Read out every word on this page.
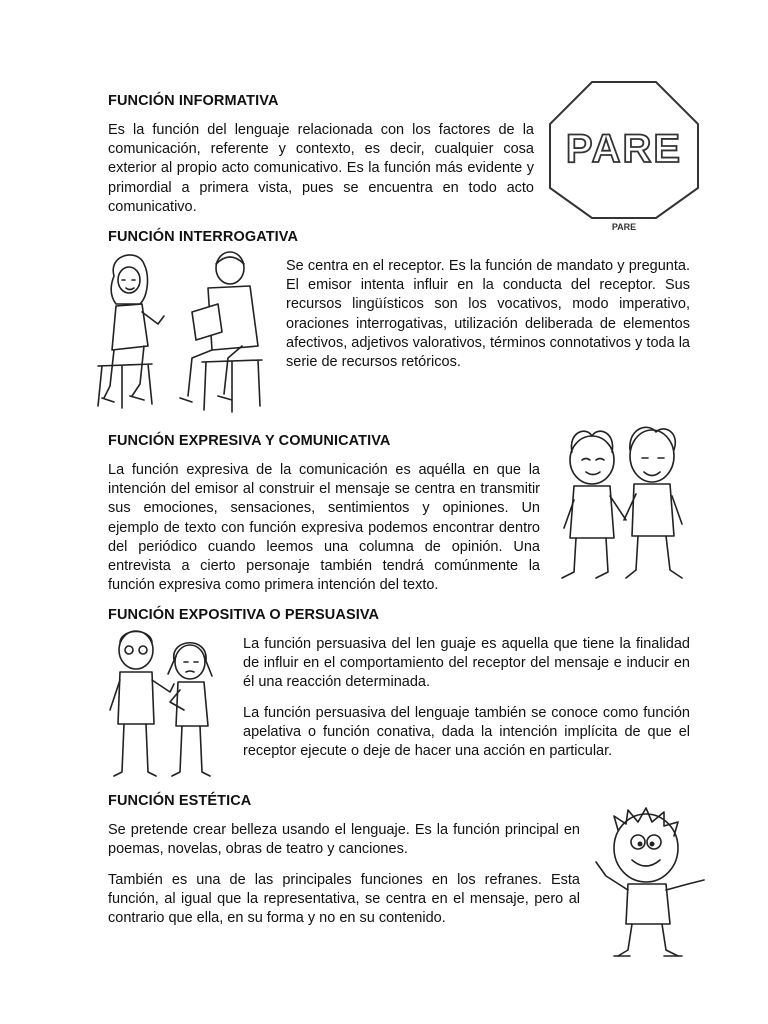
FUNCIÓN INFORMATIVA

Es la función del lenguaje relacionada con los factores de la comunicación, referente y contexto, es decir, cualquier cosa exterior al propio acto comunicativo. Es la función más evidente y primordial a primera vista, pues se encuentra en todo acto comunicativo.

PARE
PARE
FUNCIÓN INTERROGATIVA

Se centra en el receptor. Es la función de mandato y pregunta. El emisor intenta influir en la conducta del receptor. Sus recursos lingüísticos son los vocativos, modo imperativo, oraciones interrogativas, utilización deliberada de elementos afectivos, adjetivos valorativos, términos connotativos y toda la serie de recursos retóricos.

FUNCIÓN EXPRESIVA Y COMUNICATIVA

La función expresiva de la comunicación es aquélla en que la intención del emisor al construir el mensaje se centra en transmitir sus emociones, sensaciones, sentimientos y opiniones. Un ejemplo de texto con función expresiva podemos encontrar dentro del periódico cuando leemos una columna de opinión. Una entrevista a cierto personaje también tendrá comúnmente la función expresiva como primera intención del texto.

FUNCIÓN EXPOSITIVA O PERSUASIVA

La función persuasiva del len guaje es aquella que tiene la finalidad de influir en el comportamiento del receptor del mensaje e inducir en él una reacción determinada.

La función persuasiva del lenguaje también se conoce como función apelativa o función conativa, dada la intención implícita de que el receptor ejecute o deje de hacer una acción en particular.

FUNCIÓN ESTÉTICA

Se pretende crear belleza usando el lenguaje. Es la función principal en poemas, novelas, obras de teatro y canciones.

También es una de las principales funciones en los refranes. Esta función, al igual que la representativa, se centra en el mensaje, pero al contrario que ella, en su forma y no en su contenido.
